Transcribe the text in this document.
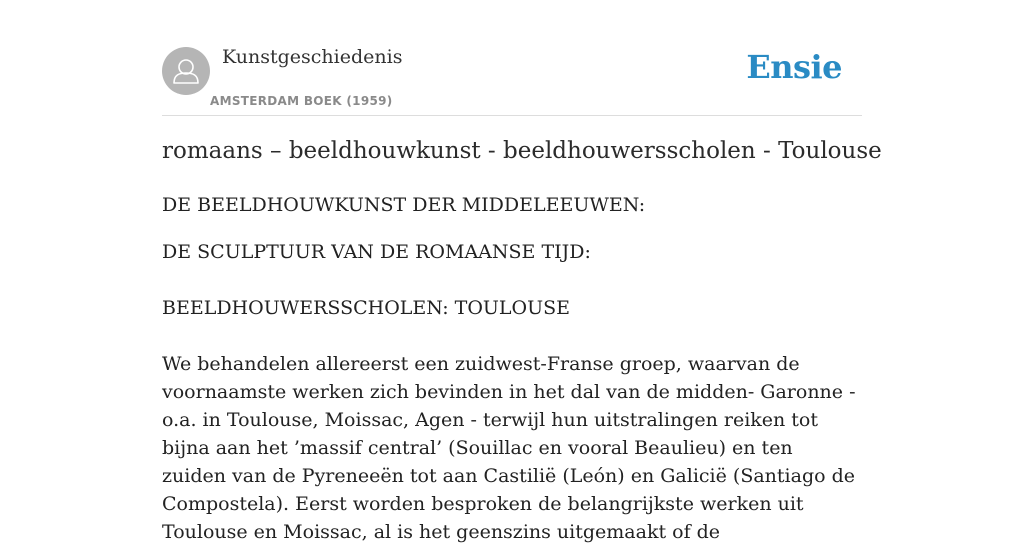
Kunstgeschiedenis
AMSTERDAM BOEK (1959)
Ensie
romaans – beeldhouwkunst - beeldhouwersscholen - Toulouse

DE BEELDHOUWKUNST DER MIDDELEEUWEN:

DE SCULPTUUR VAN DE ROMAANSE TIJD:

BEELDHOUWERSSCHOLEN: TOULOUSE

We behandelen allereerst een zuidwest-Franse groep, waarvan de voornaamste werken zich bevinden in het dal van de midden- Garonne - o.a. in Toulouse, Moissac, Agen - terwijl hun uitstralingen reiken tot bijna aan het ’massif central’ (Souillac en vooral Beaulieu) en ten zuiden van de Pyreneeën tot aan Castilië (León) en Galicië (Santiago de Compostela). Eerst worden besproken de belangrijkste werken uit Toulouse en Moissac, al is het geenszins uitgemaakt of de
